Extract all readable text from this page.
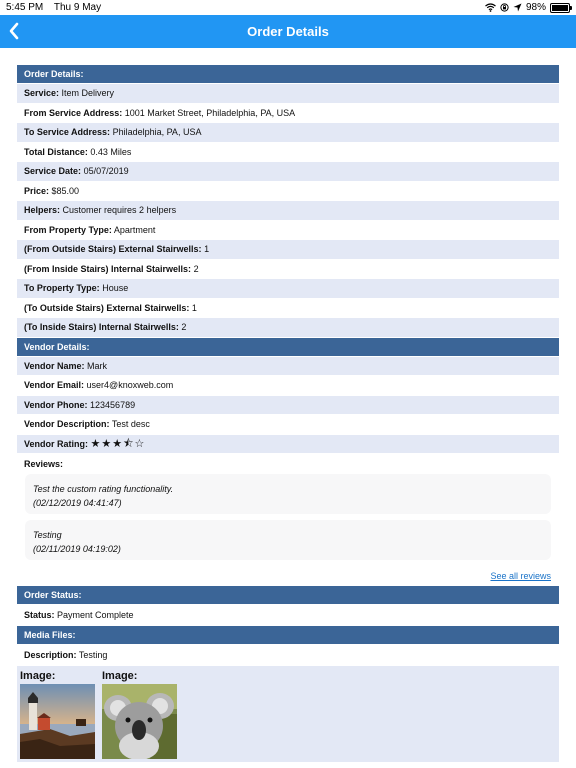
5:45 PM Thu 9 May	98%
Order Details
Order Details:
Service: Item Delivery
From Service Address: 1001 Market Street, Philadelphia, PA, USA
To Service Address: Philadelphia, PA, USA
Total Distance: 0.43 Miles
Service Date: 05/07/2019
Price: $85.00
Helpers: Customer requires 2 helpers
From Property Type: Apartment
(From Outside Stairs) External Stairwells: 1
(From Inside Stairs) Internal Stairwells: 2
To Property Type: House
(To Outside Stairs) External Stairwells: 1
(To Inside Stairs) Internal Stairwells: 2
Vendor Details:
Vendor Name: Mark
Vendor Email: user4@knoxweb.com
Vendor Phone: 123456789
Vendor Description: Test desc
Vendor Rating: ★★★⯪☆
Reviews:
Test the custom rating functionality.
(02/12/2019 04:41:47)
Testing
(02/11/2019 04:19:02)
See all reviews
Order Status:
Status: Payment Complete
Media Files:
Description: Testing
Image:	Image:
